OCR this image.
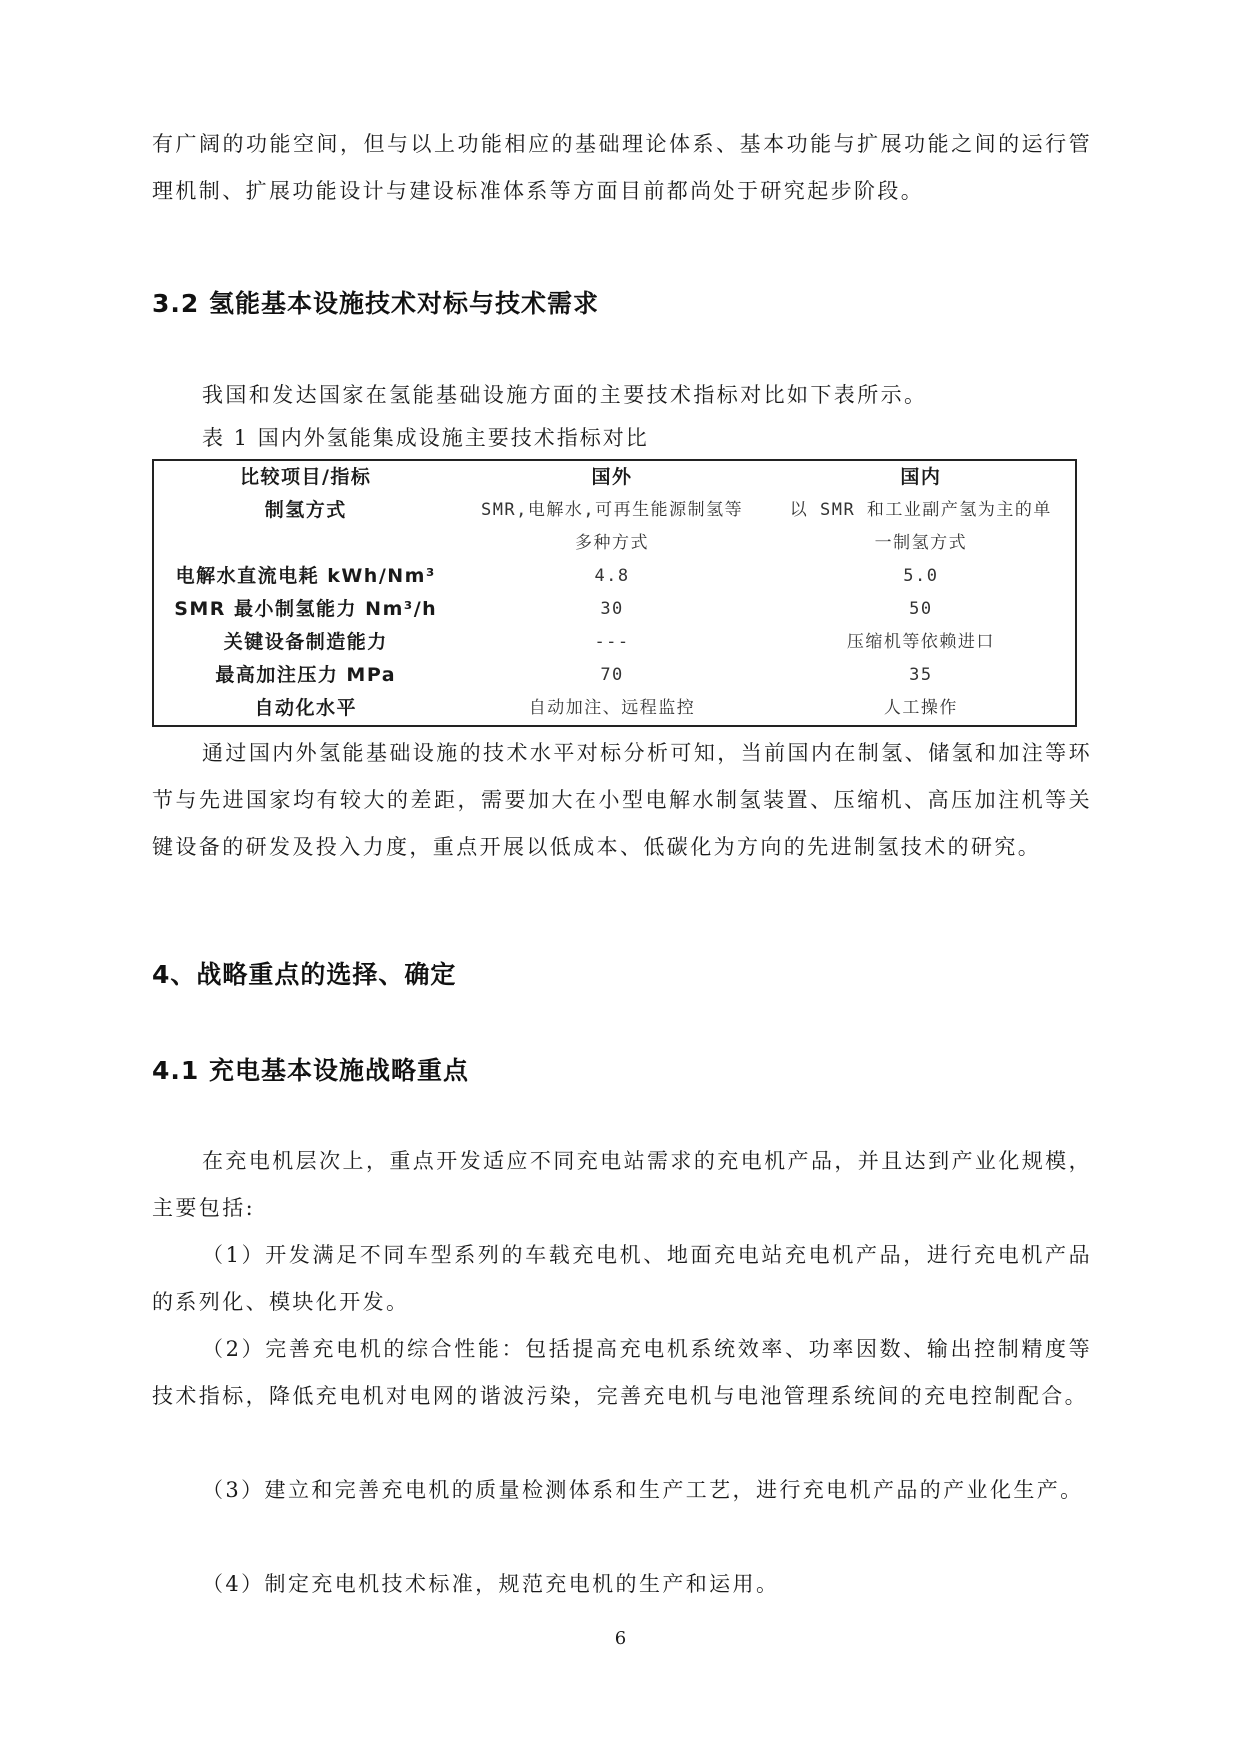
有广阔的功能空间，但与以上功能相应的基础理论体系、基本功能与扩展功能之间的运行管理机制、扩展功能设计与建设标准体系等方面目前都尚处于研究起步阶段。

3.2 氢能基本设施技术对标与技术需求

我国和发达国家在氢能基础设施方面的主要技术指标对比如下表所示。

表 1 国内外氢能集成设施主要技术指标对比

比较项目/指标	国外	国内
制氢方式	SMR,电解水,可再生能源制氢等多种方式	以 SMR 和工业副产氢为主的单一制氢方式
电解水直流电耗 kWh/Nm³	4.8	5.0
SMR 最小制氢能力 Nm³/h	30	50
关键设备制造能力	---	压缩机等依赖进口
最高加注压力 MPa	70	35
自动化水平	自动加注、远程监控	人工操作

通过国内外氢能基础设施的技术水平对标分析可知，当前国内在制氢、储氢和加注等环节与先进国家均有较大的差距，需要加大在小型电解水制氢装置、压缩机、高压加注机等关键设备的研发及投入力度，重点开展以低成本、低碳化为方向的先进制氢技术的研究。

4、战略重点的选择、确定
4.1 充电基本设施战略重点

在充电机层次上，重点开发适应不同充电站需求的充电机产品，并且达到产业化规模，主要包括:

（1）开发满足不同车型系列的车载充电机、地面充电站充电机产品，进行充电机产品的系列化、模块化开发。

（2）完善充电机的综合性能：包括提高充电机系统效率、功率因数、输出控制精度等技术指标，降低充电机对电网的谐波污染，完善充电机与电池管理系统间的充电控制配合。

（3）建立和完善充电机的质量检测体系和生产工艺，进行充电机产品的产业化生产。

（4）制定充电机技术标准，规范充电机的生产和运用。

6
